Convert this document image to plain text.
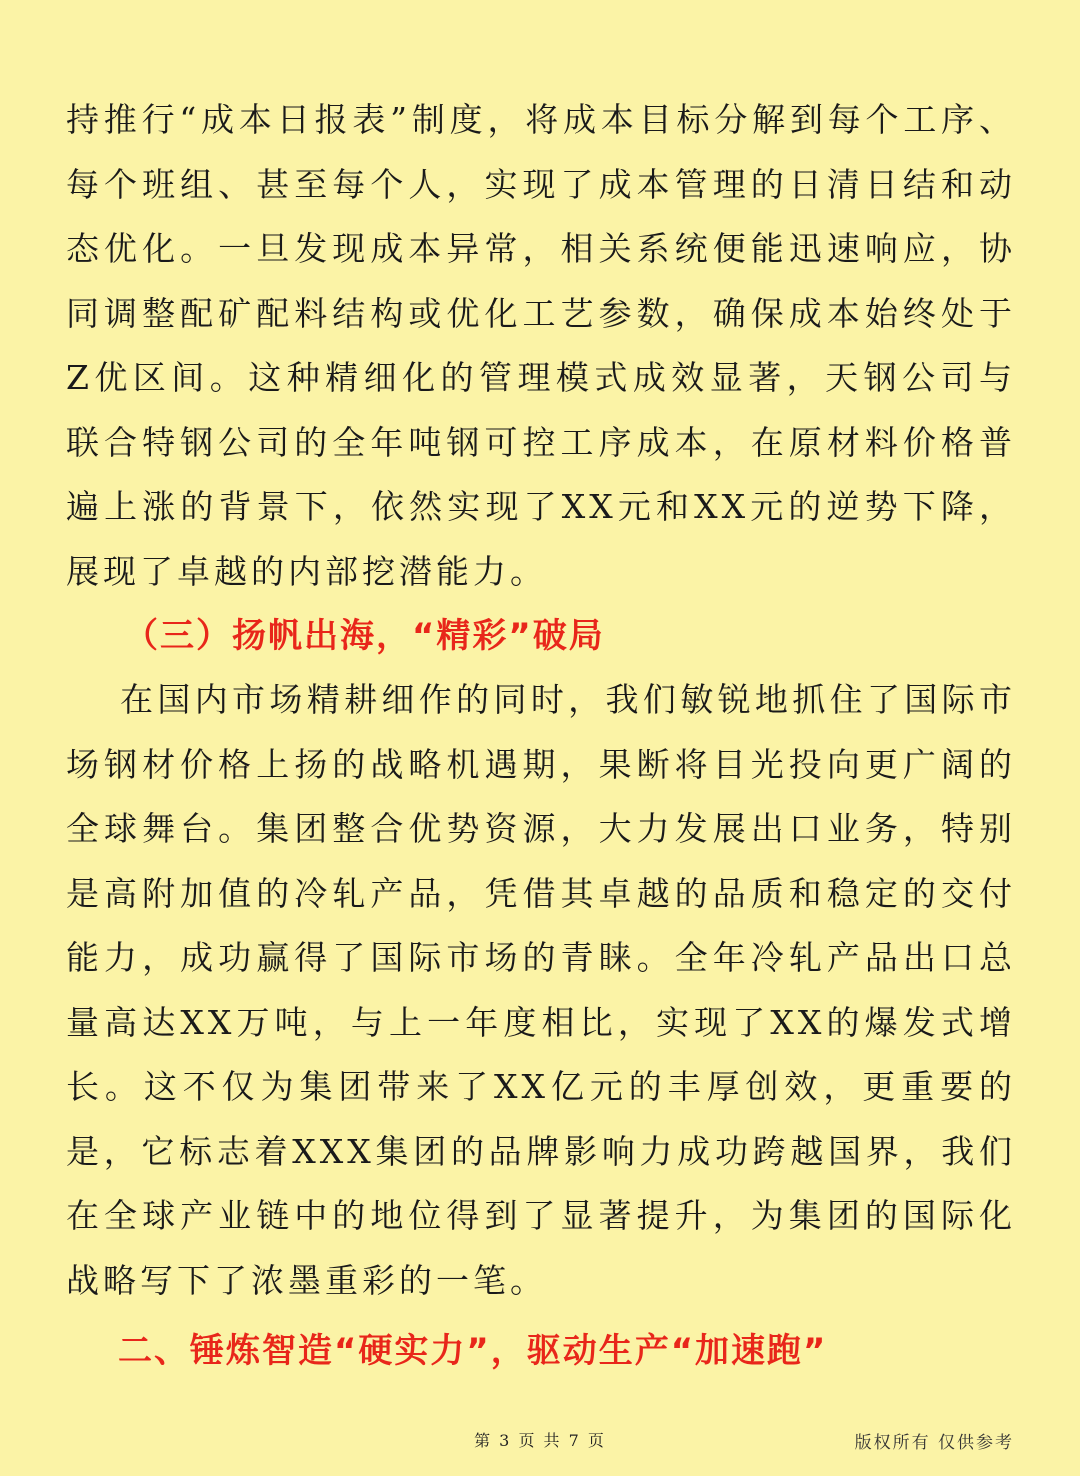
持推行“成本日报表”制度，将成本目标分解到每个工序、每个班组、甚至每个人，实现了成本管理的日清日结和动态优化。一旦发现成本异常，相关系统便能迅速响应，协同调整配矿配料结构或优化工艺参数，确保成本始终处于Z优区间。这种精细化的管理模式成效显著，天钢公司与联合特钢公司的全年吨钢可控工序成本，在原材料价格普遍上涨的背景下，依然实现了XX元和XX元的逆势下降，展现了卓越的内部挖潜能力。

（三）扬帆出海，“精彩”破局

在国内市场精耕细作的同时，我们敏锐地抓住了国际市场钢材价格上扬的战略机遇期，果断将目光投向更广阔的全球舞台。集团整合优势资源，大力发展出口业务，特别是高附加值的冷轧产品，凭借其卓越的品质和稳定的交付能力，成功赢得了国际市场的青睐。全年冷轧产品出口总量高达XX万吨，与上一年度相比，实现了XX的爆发式增长。这不仅为集团带来了XX亿元的丰厚创效，更重要的是，它标志着XXX集团的品牌影响力成功跨越国界，我们在全球产业链中的地位得到了显著提升，为集团的国际化战略写下了浓墨重彩的一笔。

二、锤炼智造“硬实力”，驱动生产“加速跑”
第 3 页 共 7 页	版权所有 仅供参考
